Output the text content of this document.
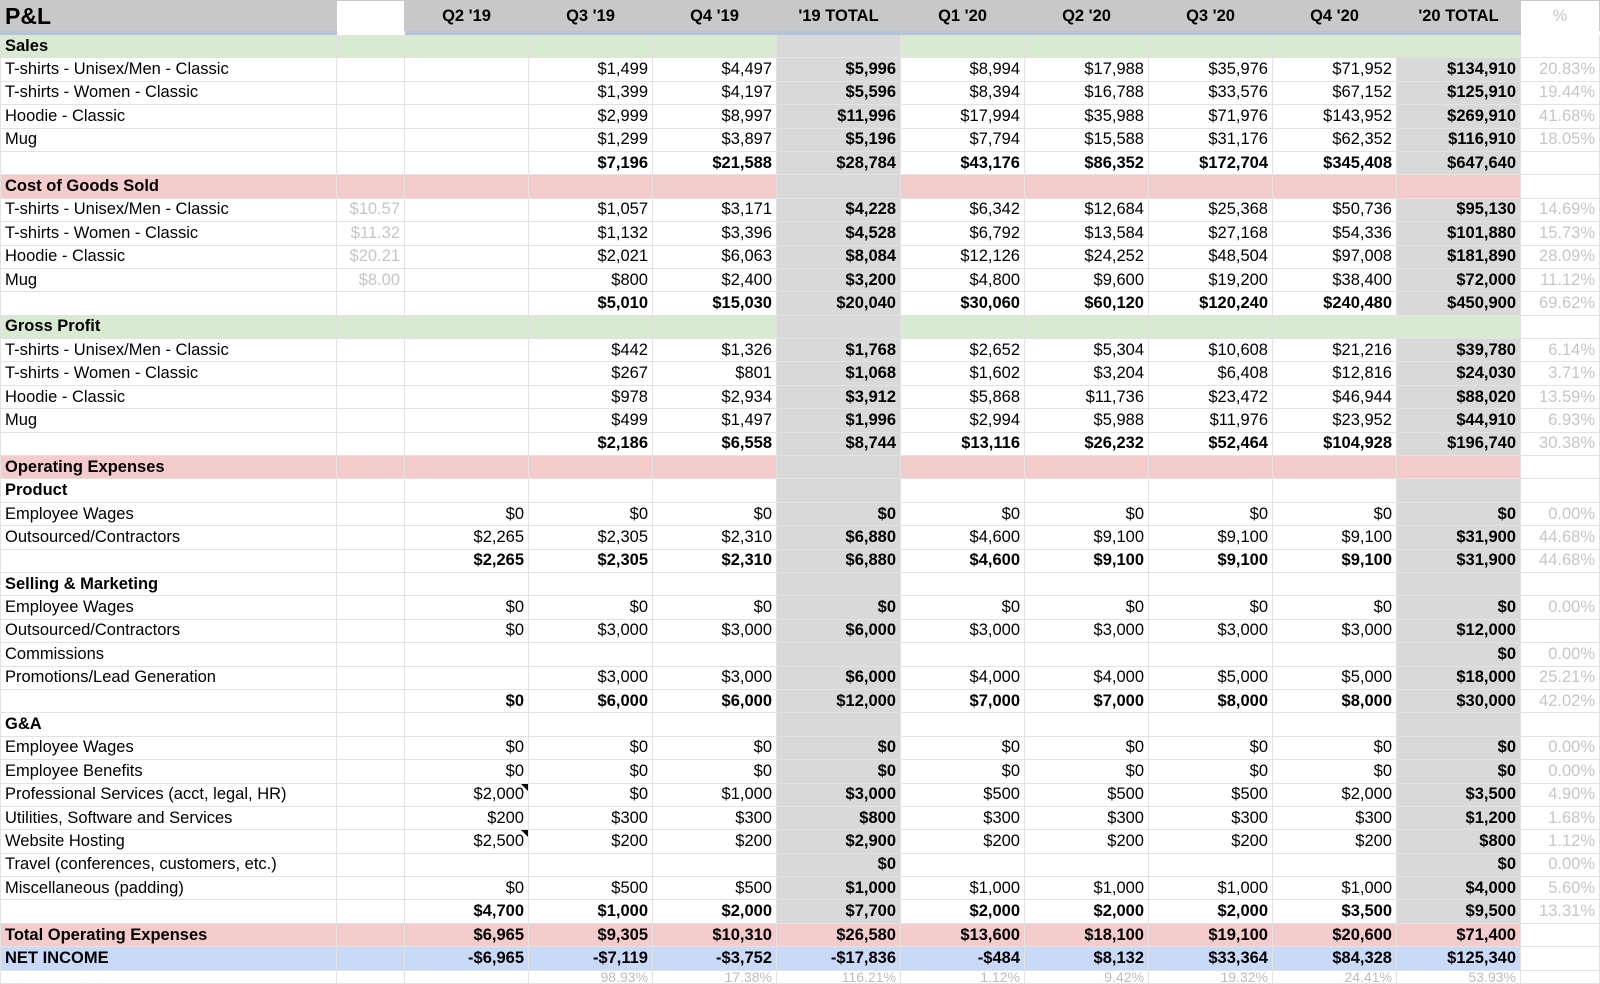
P&L		Q2 '19	Q3 '19	Q4 '19	'19 TOTAL	Q1 '20	Q2 '20	Q3 '20	Q4 '20	'20 TOTAL	%
Sales											
T-shirts - Unisex/Men - Classic			$1,499	$4,497	$5,996	$8,994	$17,988	$35,976	$71,952	$134,910	20.83%
T-shirts - Women - Classic			$1,399	$4,197	$5,596	$8,394	$16,788	$33,576	$67,152	$125,910	19.44%
Hoodie - Classic			$2,999	$8,997	$11,996	$17,994	$35,988	$71,976	$143,952	$269,910	41.68%
Mug			$1,299	$3,897	$5,196	$7,794	$15,588	$31,176	$62,352	$116,910	18.05%
			$7,196	$21,588	$28,784	$43,176	$86,352	$172,704	$345,408	$647,640	
Cost of Goods Sold											
T-shirts - Unisex/Men - Classic	$10.57		$1,057	$3,171	$4,228	$6,342	$12,684	$25,368	$50,736	$95,130	14.69%
T-shirts - Women - Classic	$11.32		$1,132	$3,396	$4,528	$6,792	$13,584	$27,168	$54,336	$101,880	15.73%
Hoodie - Classic	$20.21		$2,021	$6,063	$8,084	$12,126	$24,252	$48,504	$97,008	$181,890	28.09%
Mug	$8.00		$800	$2,400	$3,200	$4,800	$9,600	$19,200	$38,400	$72,000	11.12%
			$5,010	$15,030	$20,040	$30,060	$60,120	$120,240	$240,480	$450,900	69.62%
Gross Profit											
T-shirts - Unisex/Men - Classic			$442	$1,326	$1,768	$2,652	$5,304	$10,608	$21,216	$39,780	6.14%
T-shirts - Women - Classic			$267	$801	$1,068	$1,602	$3,204	$6,408	$12,816	$24,030	3.71%
Hoodie - Classic			$978	$2,934	$3,912	$5,868	$11,736	$23,472	$46,944	$88,020	13.59%
Mug			$499	$1,497	$1,996	$2,994	$5,988	$11,976	$23,952	$44,910	6.93%
			$2,186	$6,558	$8,744	$13,116	$26,232	$52,464	$104,928	$196,740	30.38%
Operating Expenses											
Product											
Employee Wages		$0	$0	$0	$0	$0	$0	$0	$0	$0	0.00%
Outsourced/Contractors		$2,265	$2,305	$2,310	$6,880	$4,600	$9,100	$9,100	$9,100	$31,900	44.68%
		$2,265	$2,305	$2,310	$6,880	$4,600	$9,100	$9,100	$9,100	$31,900	44.68%
Selling & Marketing											
Employee Wages		$0	$0	$0	$0	$0	$0	$0	$0	$0	0.00%
Outsourced/Contractors		$0	$3,000	$3,000	$6,000	$3,000	$3,000	$3,000	$3,000	$12,000	
Commissions										$0	0.00%
Promotions/Lead Generation			$3,000	$3,000	$6,000	$4,000	$4,000	$5,000	$5,000	$18,000	25.21%
		$0	$6,000	$6,000	$12,000	$7,000	$7,000	$8,000	$8,000	$30,000	42.02%
G&A											
Employee Wages		$0	$0	$0	$0	$0	$0	$0	$0	$0	0.00%
Employee Benefits		$0	$0	$0	$0	$0	$0	$0	$0	$0	0.00%
Professional Services (acct, legal, HR)		$2,000	$0	$1,000	$3,000	$500	$500	$500	$2,000	$3,500	4.90%
Utilities, Software and Services		$200	$300	$300	$800	$300	$300	$300	$300	$1,200	1.68%
Website Hosting		$2,500	$200	$200	$2,900	$200	$200	$200	$200	$800	1.12%
Travel (conferences, customers, etc.)					$0					$0	0.00%
Miscellaneous (padding)		$0	$500	$500	$1,000	$1,000	$1,000	$1,000	$1,000	$4,000	5.60%
		$4,700	$1,000	$2,000	$7,700	$2,000	$2,000	$2,000	$3,500	$9,500	13.31%
Total Operating Expenses		$6,965	$9,305	$10,310	$26,580	$13,600	$18,100	$19,100	$20,600	$71,400	
NET INCOME		-$6,965	-$7,119	-$3,752	-$17,836	-$484	$8,132	$33,364	$84,328	$125,340	
			98.93%	17.38%	116.21%	1.12%	9.42%	19.32%	24.41%	53.93%	
